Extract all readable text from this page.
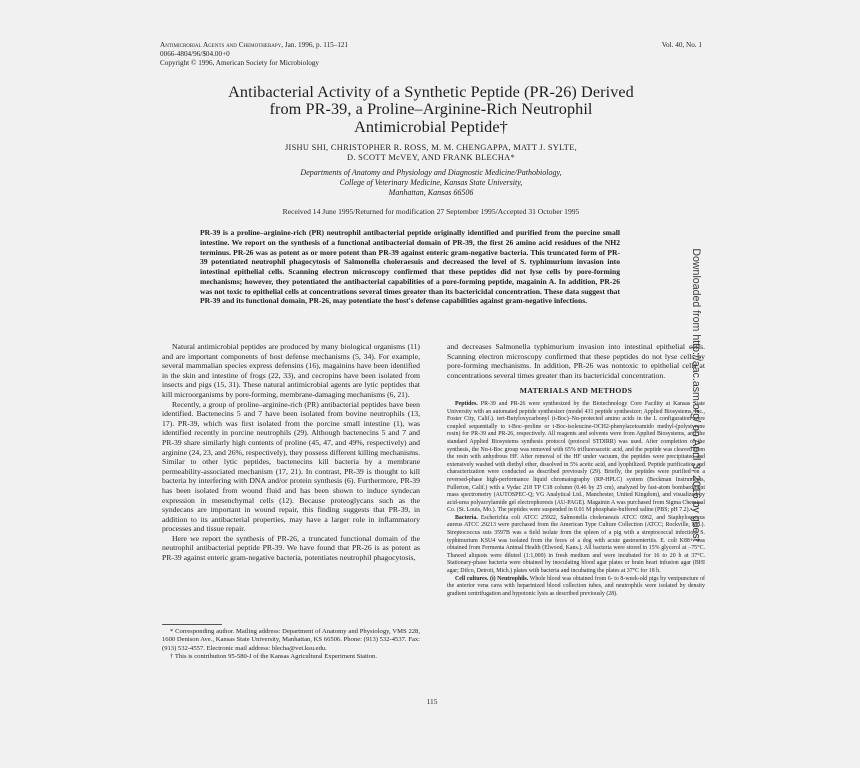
Antimicrobial Agents and Chemotherapy, Jan. 1996, p. 115–121
0066-4804/96/$04.00+0
Copyright © 1996, American Society for Microbiology
Vol. 40, No. 1
Antibacterial Activity of a Synthetic Peptide (PR-26) Derived
from PR-39, a Proline–Arginine-Rich Neutrophil
Antimicrobial Peptide†
JISHU SHI, CHRISTOPHER R. ROSS, M. M. CHENGAPPA, MATT J. SYLTE,
D. SCOTT McVEY, AND FRANK BLECHA*
Departments of Anatomy and Physiology and Diagnostic Medicine/Pathobiology,
College of Veterinary Medicine, Kansas State University,
Manhattan, Kansas 66506
Received 14 June 1995/Returned for modification 27 September 1995/Accepted 31 October 1995
PR-39 is a proline–arginine-rich (PR) neutrophil antibacterial peptide originally identified and purified from the porcine small intestine. We report on the synthesis of a functional antibacterial domain of PR-39, the first 26 amino acid residues of the NH2 terminus. PR-26 was as potent as or more potent than PR-39 against enteric gram-negative bacteria. This truncated form of PR-39 potentiated neutrophil phagocytosis of Salmonella choleraesuis and decreased the level of S. typhimurium invasion into intestinal epithelial cells. Scanning electron microscopy confirmed that these peptides did not lyse cells by pore-forming mechanisms; however, they potentiated the antibacterial capabilities of a pore-forming peptide, magainin A. In addition, PR-26 was not toxic to epithelial cells at concentrations several times greater than its bactericidal concentration. These data suggest that PR-39 and its functional domain, PR-26, may potentiate the host's defense capabilities against gram-negative infections.

Natural antimicrobial peptides are produced by many biological organisms (11) and are important components of host defense mechanisms (5, 34). For example, several mammalian species express defensins (16), magainins have been identified in the skin and intestine of frogs (22, 33), and cecropins have been isolated from insects and pigs (15, 31). These natural antimicrobial agents are lytic peptides that kill microorganisms by pore-forming, membrane-damaging mechanisms (6, 21).

Recently, a group of proline–arginine-rich (PR) antibacterial peptides have been identified. Bactenecins 5 and 7 have been isolated from bovine neutrophils (13, 17). PR-39, which was first isolated from the porcine small intestine (1), was identified recently in porcine neutrophils (29). Although bactenecins 5 and 7 and PR-39 share similarly high contents of proline (45, 47, and 49%, respectively) and arginine (24, 23, and 26%, respectively), they possess different killing mechanisms. Similar to other lytic peptides, bactenecins kill bacteria by a membrane permeability-associated mechanism (17, 21). In contrast, PR-39 is thought to kill bacteria by interfering with DNA and/or protein synthesis (6). Furthermore, PR-39 has been isolated from wound fluid and has been shown to induce syndecan expression in mesenchymal cells (12). Because proteoglycans such as the syndecans are important in wound repair, this finding suggests that PR-39, in addition to its antibacterial properties, may have a larger role in inflammatory processes and tissue repair.

Here we report the synthesis of PR-26, a truncated functional domain of the neutrophil antibacterial peptide PR-39. We have found that PR-26 is as potent as PR-39 against enteric gram-negative bacteria, potentiates neutrophil phagocytosis,

and decreases Salmonella typhimurium invasion into intestinal epithelial cells. Scanning electron microscopy confirmed that these peptides do not lyse cells by pore-forming mechanisms. In addition, PR-26 was nontoxic to epithelial cells at concentrations several times greater than its bactericidal concentration.
MATERIALS AND METHODS

Peptides. PR-39 and PR-26 were synthesized by the Biotechnology Core Facility at Kansas State University with an automated peptide synthesizer (model 431 peptide synthesizer; Applied Biosystems, Inc., Foster City, Calif.). tert-Butyloxycarbonyl (t-Boc)–Nα-protected amino acids in the L configuration were coupled sequentially to t-Boc–proline or t-Boc-isoleucine-OCH2-phenylacetoamido methyl-(polystyrene resin) for PR-39 and PR-26, respectively. All reagents and solvents were from Applied Biosystems, and the standard Applied Biosystems synthesis protocol (protocol STDIRR) was used. After completion of the synthesis, the Nα-t-Boc group was removed with 65% trifluoroacetic acid, and the peptide was cleaved from the resin with anhydrous HF. After removal of the HF under vacuum, the peptides were precipitated and extensively washed with diethyl ether, dissolved in 5% acetic acid, and lyophilized. Peptide purification and characterization were conducted as described previously (29). Briefly, the peptides were purified on a reversed-phase high-performance liquid chromatography (RP-HPLC) system (Beckman Instruments, Fullerton, Calif.) with a Vydac 218 TP C18 column (0.46 by 25 cm), analyzed by fast-atom bombardment mass spectrometry (AUTOSPEC-Q; VG Analytical Ltd., Manchester, United Kingdom), and visualized by acid-urea polyacrylamide gel electrophoresis (AU-PAGE). Magainin A was purchased from Sigma Chemical Co. (St. Louis, Mo.). The peptides were suspended in 0.01 M phosphate-buffered saline (PBS; pH 7.2).

Bacteria. Escherichia coli ATCC 25922, Salmonella choleraesuis ATCC 6962, and Staphylococcus aureus ATCC 29213 were purchased from the American Type Culture Collection (ATCC; Rockville, Md.). Streptococcus suis 3597B was a field isolate from the spleen of a pig with a streptococcal infection. S. typhimurium KSU4 was isolated from the feces of a dog with acute gastroenteritis. E. coli K88+ was obtained from Fermenta Animal Health (Elwood, Kans.). All bacteria were stored in 15% glycerol at −75°C. Thawed aliquots were diluted (1:1,000) in fresh medium and were incubated for 16 to 20 h at 37°C. Stationary-phase bacteria were obtained by inoculating blood agar plates or brain heart infusion agar (BHI agar; Difco, Detroit, Mich.) plates with bacteria and incubating the plates at 37°C for 18 h.

Cell cultures. (i) Neutrophils. Whole blood was obtained from 6- to 8-week-old pigs by venipuncture of the anterior vena cava with heparinized blood collection tubes, and neutrophils were isolated by density gradient centrifugation and hypotonic lysis as described previously (28).

* Corresponding author. Mailing address: Department of Anatomy and Physiology, VMS 228, 1600 Denison Ave., Kansas State University, Manhattan, KS 66506. Phone: (913) 532-4537. Fax: (913) 532-4557. Electronic mail address: blecha@vet.ksu.edu.

† This is contribution 95-580-J of the Kansas Agricultural Experiment Station.

115
Downloaded from http://aac.asm.org/ on April 3, 2016 by guest
